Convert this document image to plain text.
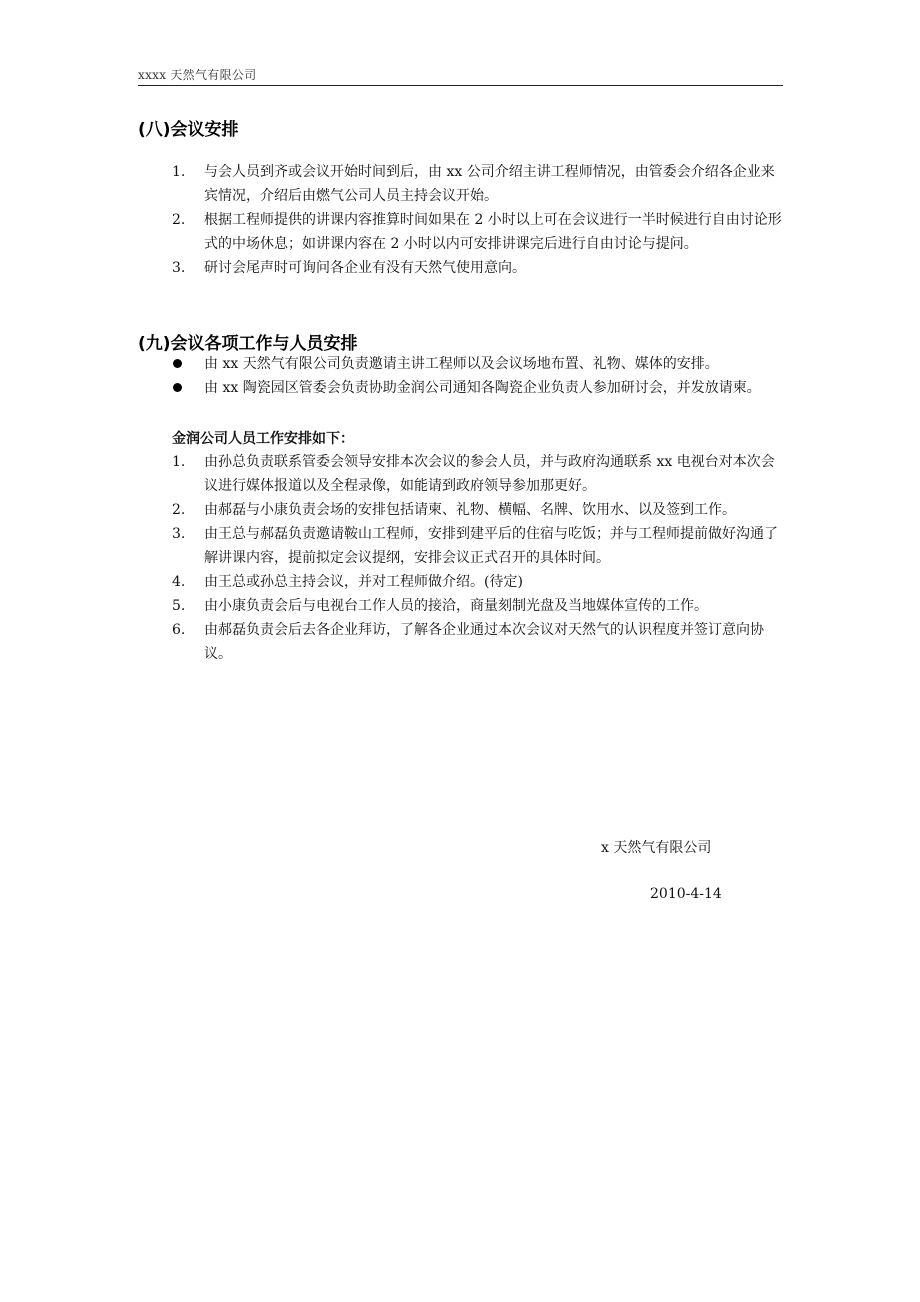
xxxx 天然气有限公司
(八)会议安排
1.	与会人员到齐或会议开始时间到后，由 xx 公司介绍主讲工程师情况，由管委会介绍各企业来宾情况，介绍后由燃气公司人员主持会议开始。
2.	根据工程师提供的讲课内容推算时间如果在 2 小时以上可在会议进行一半时候进行自由讨论形式的中场休息；如讲课内容在 2 小时以内可安排讲课完后进行自由讨论与提问。
3.	研讨会尾声时可询问各企业有没有天然气使用意向。
(九)会议各项工作与人员安排
由 xx 天然气有限公司负责邀请主讲工程师以及会议场地布置、礼物、媒体的安排。
由 xx 陶瓷园区管委会负责协助金润公司通知各陶瓷企业负责人参加研讨会，并发放请柬。
金润公司人员工作安排如下：
1.	由孙总负责联系管委会领导安排本次会议的参会人员，并与政府沟通联系 xx 电视台对本次会议进行媒体报道以及全程录像，如能请到政府领导参加那更好。
2.	由郝磊与小康负责会场的安排包括请柬、礼物、横幅、名牌、饮用水、以及签到工作。
3.	由王总与郝磊负责邀请鞍山工程师，安排到建平后的住宿与吃饭；并与工程师提前做好沟通了解讲课内容，提前拟定会议提纲，安排会议正式召开的具体时间。
4.	由王总或孙总主持会议，并对工程师做介绍。(待定)
5.	由小康负责会后与电视台工作人员的接洽，商量刻制光盘及当地媒体宣传的工作。
6.	由郝磊负责会后去各企业拜访，了解各企业通过本次会议对天然气的认识程度并签订意向协议。
x 天然气有限公司
2010-4-14
